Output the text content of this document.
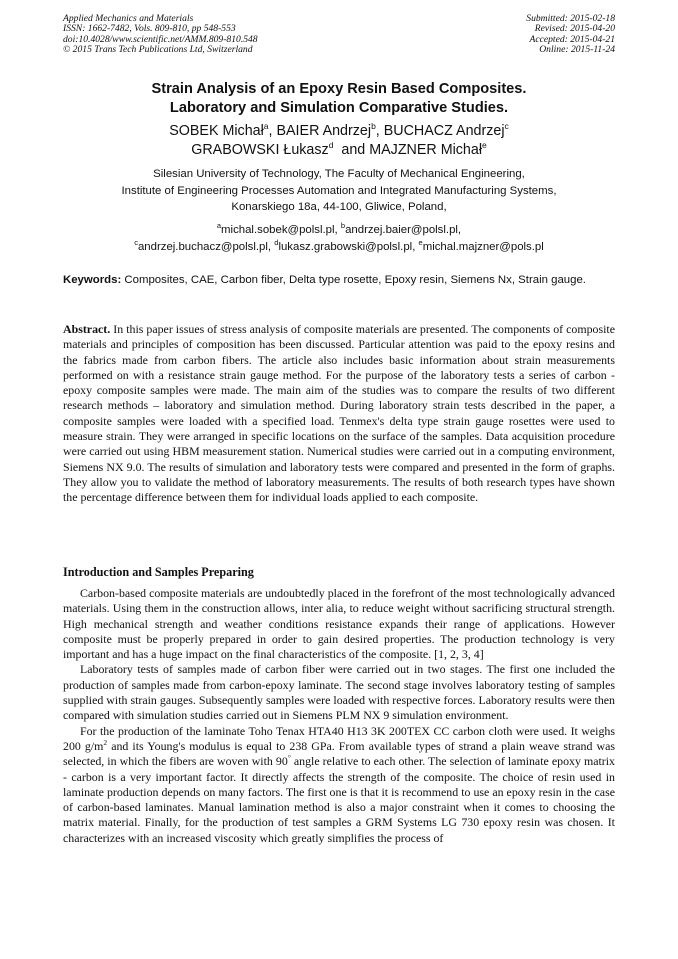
Applied Mechanics and Materials
ISSN: 1662-7482, Vols. 809-810, pp 548-553
doi:10.4028/www.scientific.net/AMM.809-810.548
© 2015 Trans Tech Publications Ltd, Switzerland
Submitted: 2015-02-18
Revised: 2015-04-20
Accepted: 2015-04-21
Online: 2015-11-24
Strain Analysis of an Epoxy Resin Based Composites.
Laboratory and Simulation Comparative Studies.
SOBEK Michał$^a$, BAIER Andrzej$^b$, BUCHACZ Andrzej$^c$
GRABOWSKI Łukasz$^d$ and MAJZNER Michał$^e$
Silesian University of Technology, The Faculty of Mechanical Engineering,
Institute of Engineering Processes Automation and Integrated Manufacturing Systems,
Konarskiego 18a, 44-100, Gliwice, Poland,
$^a$michal.sobek@polsl.pl, $^b$andrzej.baier@polsl.pl,
$^c$andrzej.buchacz@polsl.pl, $^d$lukasz.grabowski@polsl.pl, $^e$michal.majzner@pols.pl
Keywords: Composites, CAE, Carbon fiber, Delta type rosette, Epoxy resin, Siemens Nx, Strain gauge.
Abstract. In this paper issues of stress analysis of composite materials are presented. The components of composite materials and principles of composition has been discussed. Particular attention was paid to the epoxy resins and the fabrics made from carbon fibers. The article also includes basic information about strain measurements performed on with a resistance strain gauge method. For the purpose of the laboratory tests a series of carbon - epoxy composite samples were made. The main aim of the studies was to compare the results of two different research methods – laboratory and simulation method. During laboratory strain tests described in the paper, a composite samples were loaded with a specified load. Tenmex's delta type strain gauge rosettes were used to measure strain. They were arranged in specific locations on the surface of the samples. Data acquisition procedure were carried out using HBM measurement station. Numerical studies were carried out in a computing environment, Siemens NX 9.0. The results of simulation and laboratory tests were compared and presented in the form of graphs. They allow you to validate the method of laboratory measurements. The results of both research types have shown the percentage difference between them for individual loads applied to each composite.
Introduction and Samples Preparing

Carbon-based composite materials are undoubtedly placed in the forefront of the most technologically advanced materials. Using them in the construction allows, inter alia, to reduce weight without sacrificing structural strength. High mechanical strength and weather conditions resistance expands their range of applications. However composite must be properly prepared in order to gain desired properties. The production technology is very important and has a huge impact on the final characteristics of the composite. [1, 2, 3, 4]

Laboratory tests of samples made of carbon fiber were carried out in two stages. The first one included the production of samples made from carbon-epoxy laminate. The second stage involves laboratory testing of samples supplied with strain gauges. Subsequently samples were loaded with respective forces. Laboratory results were then compared with simulation studies carried out in Siemens PLM NX 9 simulation environment.

For the production of the laminate Toho Tenax HTA40 H13 3K 200TEX CC carbon cloth were used. It weighs 200 $g/m^2$ and its Young's modulus is equal to 238 GPa. From available types of strand a plain weave strand was selected, in which the fibers are woven with 90° angle relative to each other. The selection of laminate epoxy matrix - carbon is a very important factor. It directly affects the strength of the composite. The choice of resin used in laminate production depends on many factors. The first one is that it is recommend to use an epoxy resin in the case of carbon-based laminates. Manual lamination method is also a major constraint when it comes to choosing the matrix material. Finally, for the production of test samples a GRM Systems LG 730 epoxy resin was chosen. It characterizes with an increased viscosity which greatly simplifies the process of
